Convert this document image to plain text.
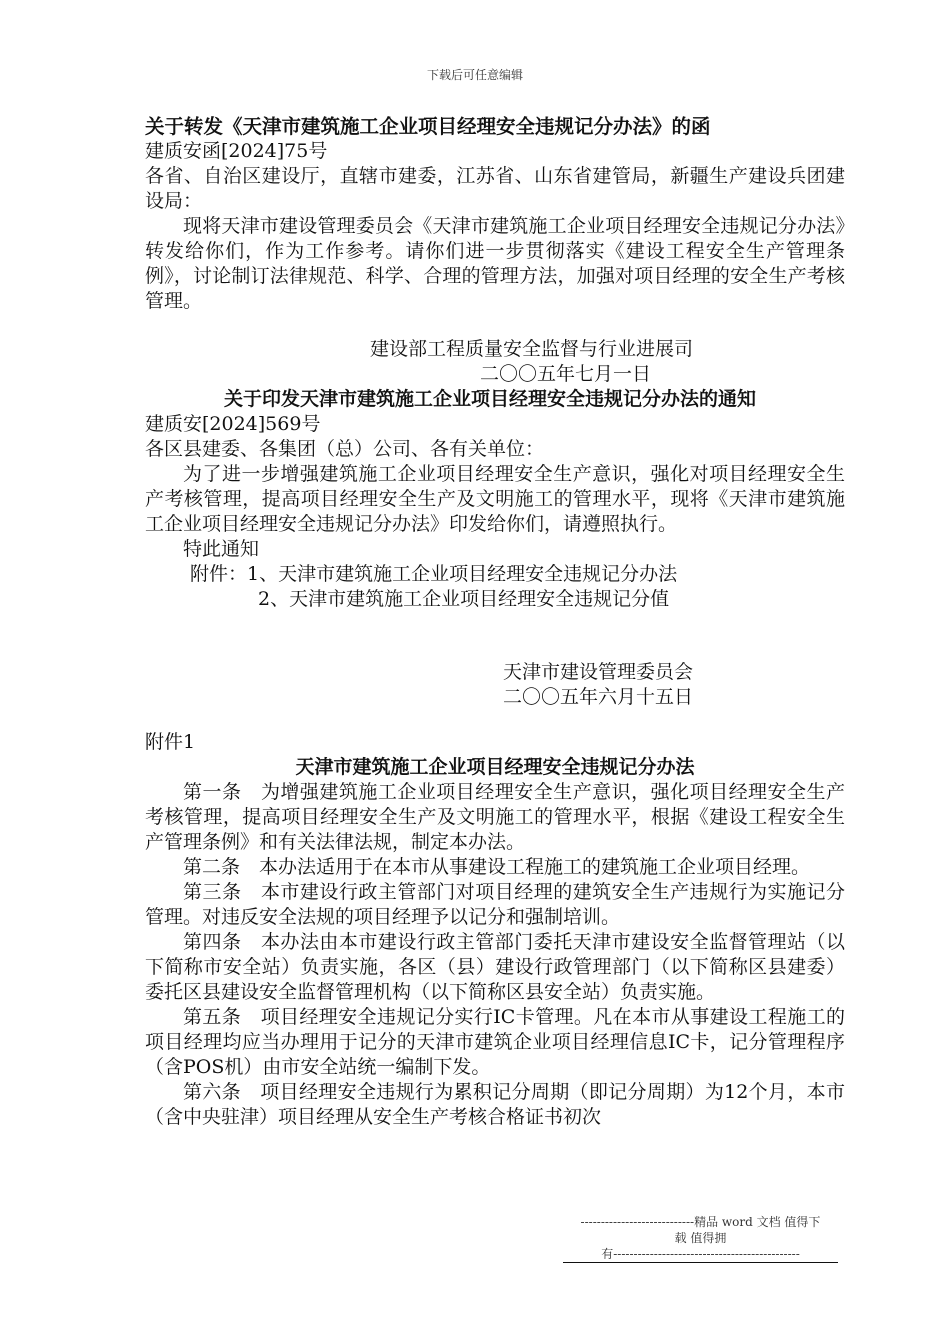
下载后可任意编辑

关于转发《天津市建筑施工企业项目经理安全违规记分办法》的函

建质安函[2024]75号

各省、自治区建设厅，直辖市建委，江苏省、山东省建管局，新疆生产建设兵团建设局：

现将天津市建设管理委员会《天津市建筑施工企业项目经理安全违规记分办法》转发给你们，作为工作参考。请你们进一步贯彻落实《建设工程安全生产管理条例》，讨论制订法律规范、科学、合理的管理方法，加强对项目经理的安全生产考核管理。

建设部工程质量安全监督与行业进展司

二〇〇五年七月一日

关于印发天津市建筑施工企业项目经理安全违规记分办法的通知

建质安[2024]569号

各区县建委、各集团（总）公司、各有关单位：

为了进一步增强建筑施工企业项目经理安全生产意识，强化对项目经理安全生产考核管理，提高项目经理安全生产及文明施工的管理水平，现将《天津市建筑施工企业项目经理安全违规记分办法》印发给你们，请遵照执行。

特此通知

附件：1、天津市建筑施工企业项目经理安全违规记分办法

2、天津市建筑施工企业项目经理安全违规记分值

天津市建设管理委员会

二〇〇五年六月十五日

附件1

天津市建筑施工企业项目经理安全违规记分办法

第一条　为增强建筑施工企业项目经理安全生产意识，强化项目经理安全生产考核管理，提高项目经理安全生产及文明施工的管理水平，根据《建设工程安全生产管理条例》和有关法律法规，制定本办法。

第二条　本办法适用于在本市从事建设工程施工的建筑施工企业项目经理。

第三条　本市建设行政主管部门对项目经理的建筑安全生产违规行为实施记分管理。对违反安全法规的项目经理予以记分和强制培训。

第四条　本办法由本市建设行政主管部门委托天津市建设安全监督管理站（以下简称市安全站）负责实施，各区（县）建设行政管理部门（以下简称区县建委）委托区县建设安全监督管理机构（以下简称区县安全站）负责实施。

第五条　项目经理安全违规记分实行IC卡管理。凡在本市从事建设工程施工的项目经理均应当办理用于记分的天津市建筑企业项目经理信息IC卡，记分管理程序（含POS机）由市安全站统一编制下发。

第六条　项目经理安全违规行为累积记分周期（即记分周期）为12个月，本市（含中央驻津）项目经理从安全生产考核合格证书初次

----------------------------精品 word 文档 值得下
载 值得拥
有----------------------------------------------
